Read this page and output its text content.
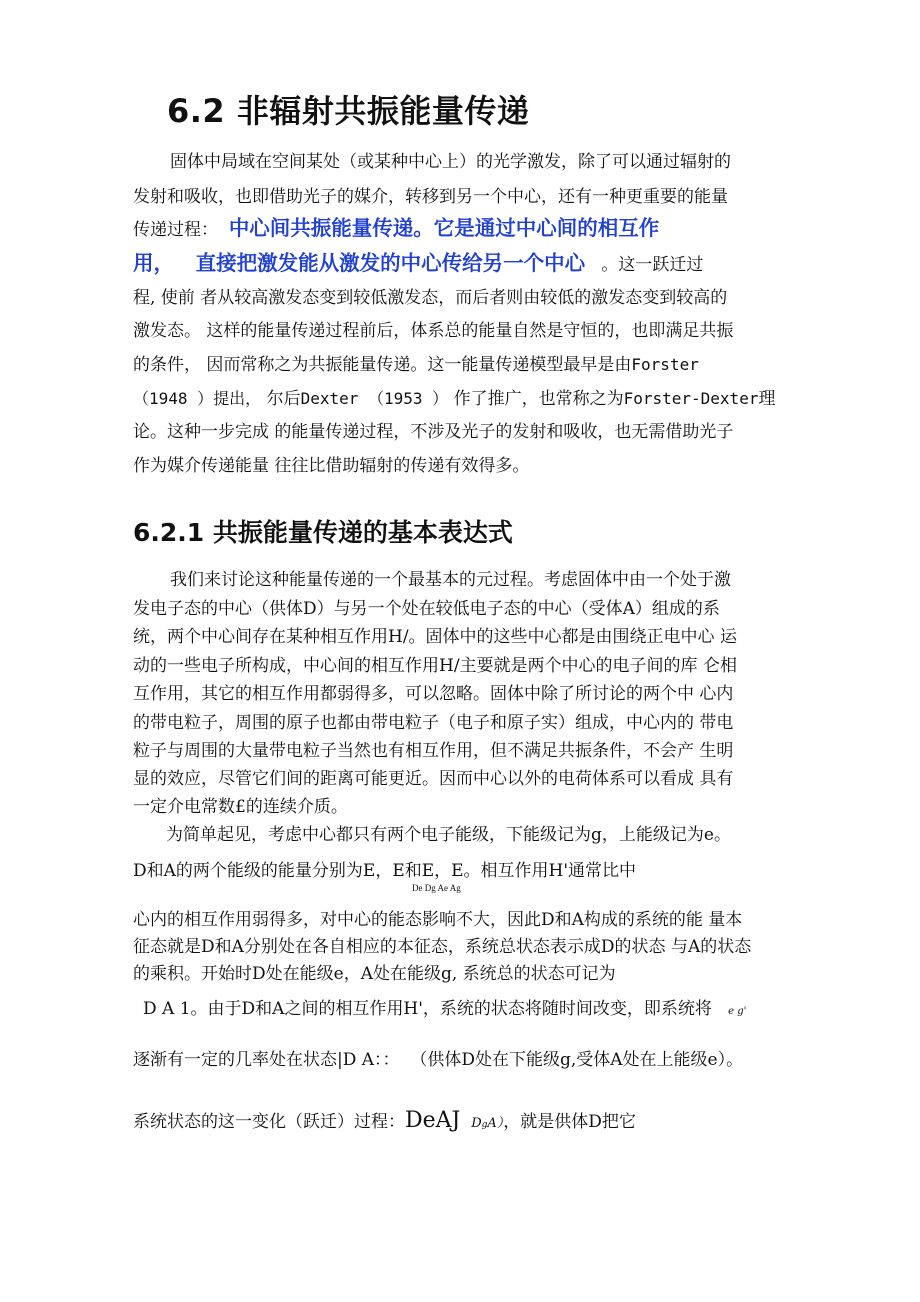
6.2 非辐射共振能量传递
固体中局域在空间某处（或某种中心上）的光学激发，除了可以通过辐射的
发射和吸收，也即借助光子的媒介，转移到另一个中心，还有一种更重要的能量
传递过程： 中心间共振能量传递。它是通过中心间的相互作
用， 直接把激发能从激发的中心传给另一个中心 。这一跃迁过
程, 使前 者从较高激发态变到较低激发态，而后者则由较低的激发态变到较高的
激发态。 这样的能量传递过程前后，体系总的能量自然是守恒的，也即满足共振
的条件， 因而常称之为共振能量传递。这一能量传递模型最早是由Forster
（1948 ）提出， 尔后Dexter （1953 ） 作了推广，也常称之为Forster-Dexter理
论。这种一步完成 的能量传递过程，不涉及光子的发射和吸收，也无需借助光子
作为媒介传递能量 往往比借助辐射的传递有效得多。
6.2.1 共振能量传递的基本表达式
我们来讨论这种能量传递的一个最基本的元过程。考虑固体中由一个处于激
发电子态的中心（供体D）与另一个处在较低电子态的中心（受体A）组成的系
统，两个中心间存在某种相互作用H/。固体中的这些中心都是由围绕正电中心 运
动的一些电子所构成，中心间的相互作用H/主要就是两个中心的电子间的库 仑相
互作用，其它的相互作用都弱得多，可以忽略。固体中除了所讨论的两个中 心内
的带电粒子，周围的原子也都由带电粒子（电子和原子实）组成，中心内的 带电
粒子与周围的大量带电粒子当然也有相互作用，但不满足共振条件，不会产 生明
显的效应，尽管它们间的距离可能更近。因而中心以外的电荷体系可以看成 具有
一定介电常数£的连续介质。
为简单起见，考虑中心都只有两个电子能级，下能级记为g，上能级记为e。
D和A的两个能级的能量分别为E，E和E，E。相互作用H'通常比中
De Dg Ae Ag
心内的相互作用弱得多，对中心的能态影响不大，因此D和A构成的系统的能 量本
征态就是D和A分别处在各自相应的本征态，系统总状态表示成D的状态 与A的状态
的乘积。开始时D处在能级e，A处在能级g, 系统总的状态可记为
D A 1。由于D和A之间的相互作用H'，系统的状态将随时间改变，即系统将 e g'
逐渐有一定的几率处在状态|D A：： （供体D处在下能级g,受体A处在上能级e）。
系统状态的这一变化（跃迁）过程：DeAJ DgA），就是供体D把它
